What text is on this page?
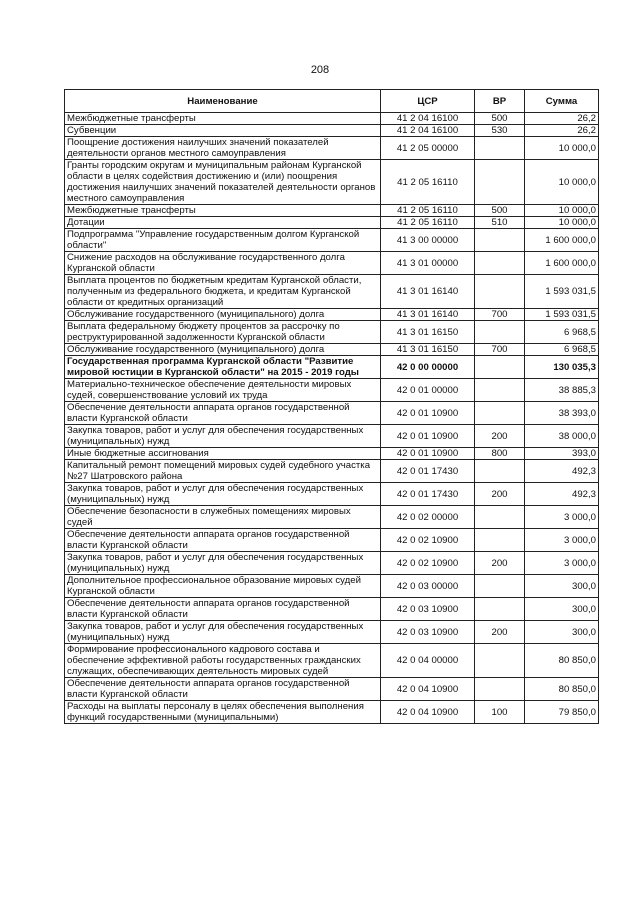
208
Наименование	ЦСР	ВР	Сумма
Межбюджетные трансферты	41 2 04 16100	500	26,2
Субвенции	41 2 04 16100	530	26,2
Поощрение достижения наилучших значений показателей деятельности органов местного самоуправления	41 2 05 00000		10 000,0
Гранты городским округам и муниципальным районам Курганской области в целях содействия достижению и (или) поощрения достижения наилучших значений показателей деятельности органов местного самоуправления	41 2 05 16110		10 000,0
Межбюджетные трансферты	41 2 05 16110	500	10 000,0
Дотации	41 2 05 16110	510	10 000,0
Подпрограмма "Управление государственным долгом Курганской области"	41 3 00 00000		1 600 000,0
Снижение расходов на обслуживание государственного долга Курганской области	41 3 01 00000		1 600 000,0
Выплата процентов по бюджетным кредитам Курганской области, полученным из федерального бюджета, и кредитам Курганской области от кредитных организаций	41 3 01 16140		1 593 031,5
Обслуживание государственного (муниципального) долга	41 3 01 16140	700	1 593 031,5
Выплата федеральному бюджету процентов за рассрочку по реструктурированной задолженности Курганской области	41 3 01 16150		6 968,5
Обслуживание государственного (муниципального) долга	41 3 01 16150	700	6 968,5
Государственная программа Курганской области "Развитие мировой юстиции в Курганской области" на 2015 - 2019 годы	42 0 00 00000		130 035,3
Материально-техническое обеспечение деятельности мировых судей, совершенствование условий их труда	42 0 01 00000		38 885,3
Обеспечение деятельности аппарата органов государственной власти Курганской области	42 0 01 10900		38 393,0
Закупка товаров, работ и услуг для обеспечения государственных (муниципальных) нужд	42 0 01 10900	200	38 000,0
Иные бюджетные ассигнования	42 0 01 10900	800	393,0
Капитальный ремонт помещений мировых судей судебного участка №27 Шатровского района	42 0 01 17430		492,3
Закупка товаров, работ и услуг для обеспечения государственных (муниципальных) нужд	42 0 01 17430	200	492,3
Обеспечение безопасности в служебных помещениях мировых судей	42 0 02 00000		3 000,0
Обеспечение деятельности аппарата органов государственной власти Курганской области	42 0 02 10900		3 000,0
Закупка товаров, работ и услуг для обеспечения государственных (муниципальных) нужд	42 0 02 10900	200	3 000,0
Дополнительное профессиональное образование мировых судей Курганской области	42 0 03 00000		300,0
Обеспечение деятельности аппарата органов государственной власти Курганской области	42 0 03 10900		300,0
Закупка товаров, работ и услуг для обеспечения государственных (муниципальных) нужд	42 0 03 10900	200	300,0
Формирование профессионального кадрового состава и обеспечение эффективной работы государственных гражданских служащих, обеспечивающих деятельность мировых судей	42 0 04 00000		80 850,0
Обеспечение деятельности аппарата органов государственной власти Курганской области	42 0 04 10900		80 850,0
Расходы на выплаты персоналу в целях обеспечения выполнения функций государственными (муниципальными)	42 0 04 10900	100	79 850,0
